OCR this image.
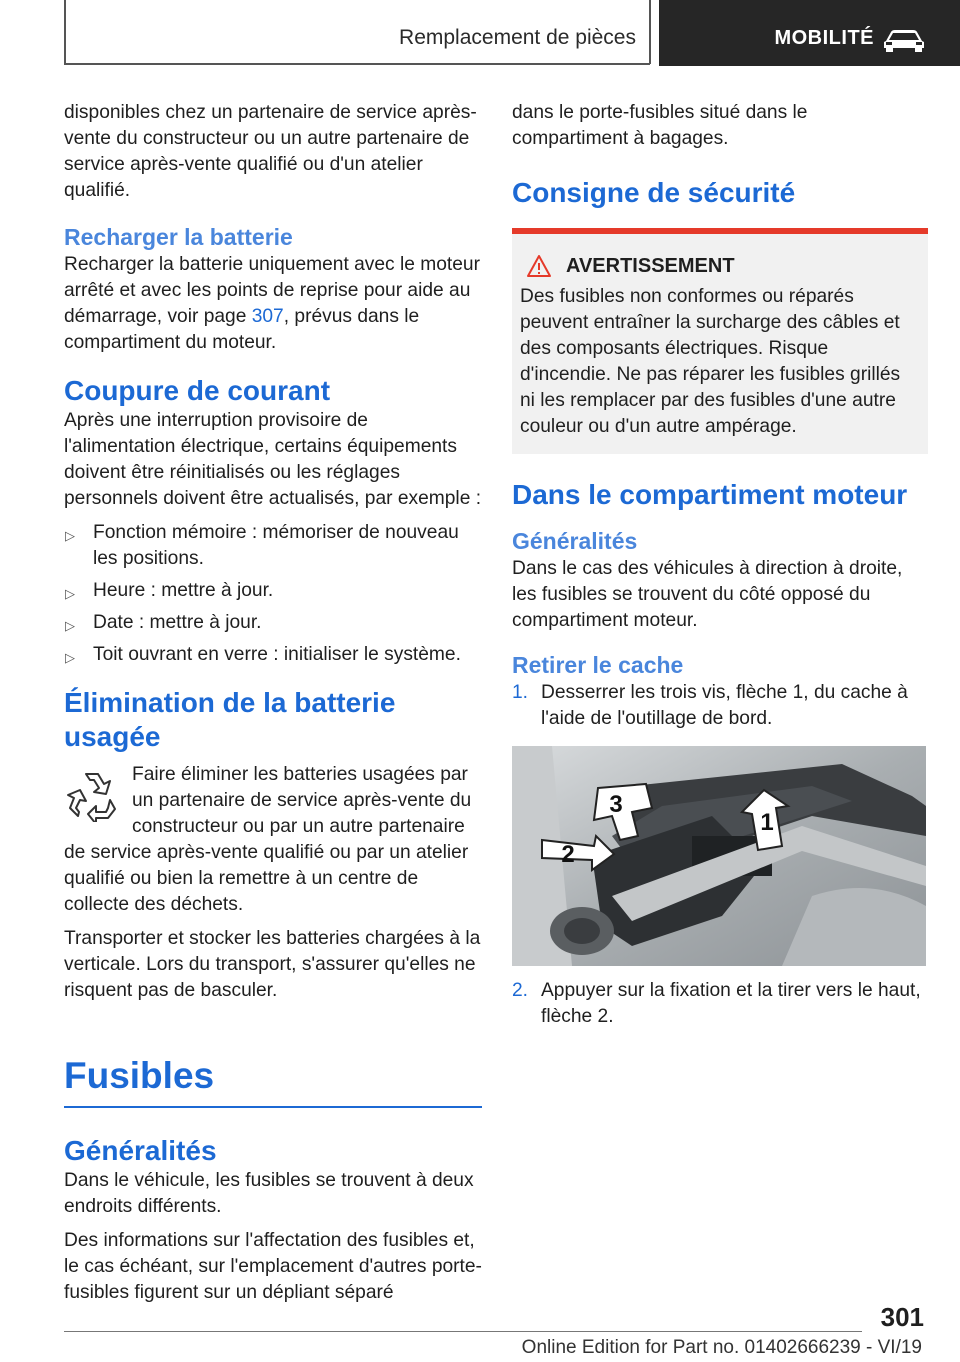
Remplacement de pièces	MOBILITÉ

disponibles chez un partenaire de service après-vente du constructeur ou un autre partenaire de service après-vente qualifié ou d'un atelier qualifié.

Recharger la batterie

Recharger la batterie uniquement avec le moteur arrêté et avec les points de reprise pour aide au démarrage, voir page 307, prévus dans le compartiment du moteur.

Coupure de courant

Après une interruption provisoire de l'alimentation électrique, certains équipements doivent être réinitialisés ou les réglages personnels doivent être actualisés, par exemple :

▷ Fonction mémoire : mémoriser de nouveau les positions.
▷ Heure : mettre à jour.
▷ Date : mettre à jour.
▷ Toit ouvrant en verre : initialiser le système.
Élimination de la batterie usagée

Faire éliminer les batteries usagées par un partenaire de service après-vente du constructeur ou par un autre partenaire de service après-vente qualifié ou par un atelier qualifié ou bien la remettre à un centre de collecte des déchets.

Transporter et stocker les batteries chargées à la verticale. Lors du transport, s'assurer qu'elles ne risquent pas de basculer.

Fusibles
Généralités

Dans le véhicule, les fusibles se trouvent à deux endroits différents.

Des informations sur l'affectation des fusibles et, le cas échéant, sur l'emplacement d'autres porte-fusibles figurent sur un dépliant séparé

dans le porte-fusibles situé dans le compartiment à bagages.

Consigne de sécurité
AVERTISSEMENT

Des fusibles non conformes ou réparés peuvent entraîner la surcharge des câbles et des composants électriques. Risque d'incendie. Ne pas réparer les fusibles grillés ni les remplacer par des fusibles d'une autre couleur ou d'un autre ampérage.

Dans le compartiment moteur
Généralités

Dans le cas des véhicules à direction à droite, les fusibles se trouvent du côté opposé du compartiment moteur.

Retirer le cache
1. Desserrer les trois vis, flèche 1, du cache à l'aide de l'outillage de bord.
1
2
3
2. Appuyer sur la fixation et la tirer vers le haut, flèche 2.
301
Online Edition for Part no. 01402666239 - VI/19
